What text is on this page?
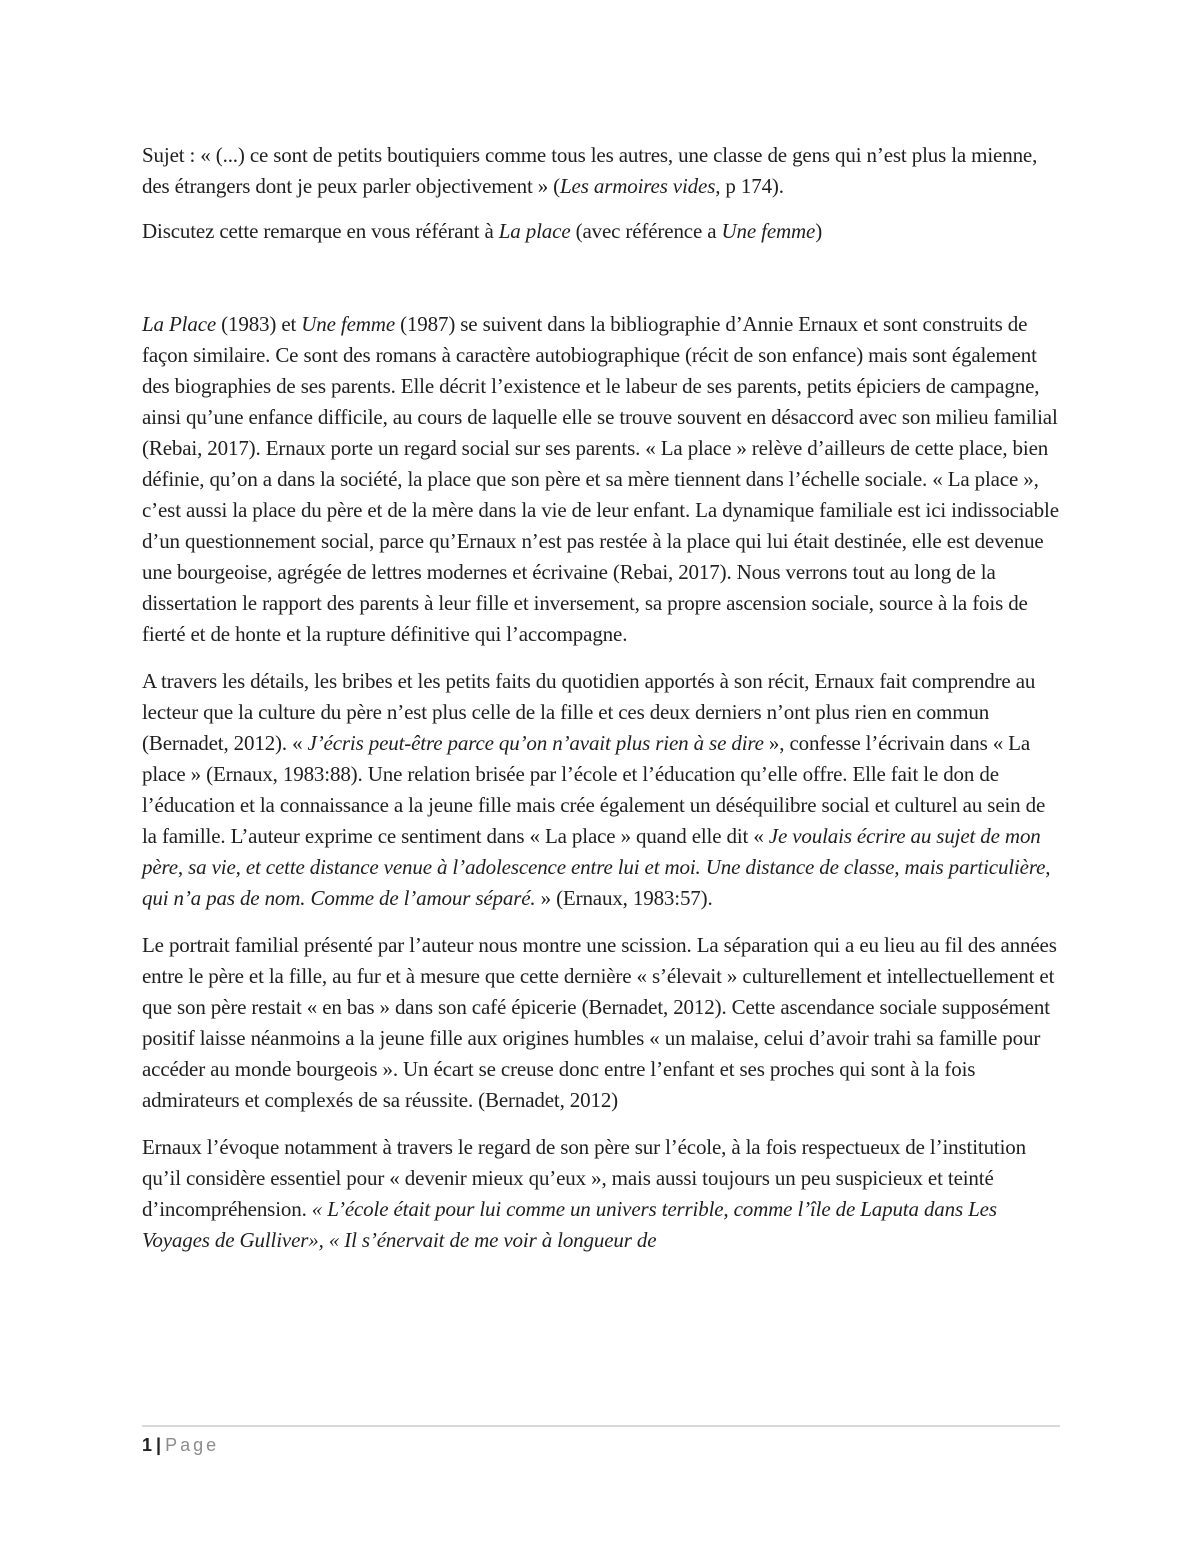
Sujet : « (...) ce sont de petits boutiquiers comme tous les autres, une classe de gens qui n’est plus la mienne, des étrangers dont je peux parler objectivement » (Les armoires vides, p 174).

Discutez cette remarque en vous référant à La place (avec référence a Une femme)

La Place (1983) et Une femme (1987) se suivent dans la bibliographie d’Annie Ernaux et sont construits de façon similaire. Ce sont des romans à caractère autobiographique (récit de son enfance) mais sont également des biographies de ses parents. Elle décrit l’existence et le labeur de ses parents, petits épiciers de campagne, ainsi qu’une enfance difficile, au cours de laquelle elle se trouve souvent en désaccord avec son milieu familial (Rebai, 2017). Ernaux porte un regard social sur ses parents. « La place » relève d’ailleurs de cette place, bien définie, qu’on a dans la société, la place que son père et sa mère tiennent dans l’échelle sociale. « La place », c’est aussi la place du père et de la mère dans la vie de leur enfant. La dynamique familiale est ici indissociable d’un questionnement social, parce qu’Ernaux n’est pas restée à la place qui lui était destinée, elle est devenue une bourgeoise, agrégée de lettres modernes et écrivaine (Rebai, 2017). Nous verrons tout au long de la dissertation le rapport des parents à leur fille et inversement, sa propre ascension sociale, source à la fois de fierté et de honte et la rupture définitive qui l’accompagne.

A travers les détails, les bribes et les petits faits du quotidien apportés à son récit, Ernaux fait comprendre au lecteur que la culture du père n’est plus celle de la fille et ces deux derniers n’ont plus rien en commun (Bernadet, 2012). « J’écris peut-être parce qu’on n’avait plus rien à se dire », confesse l’écrivain dans « La place » (Ernaux, 1983:88). Une relation brisée par l’école et l’éducation qu’elle offre. Elle fait le don de l’éducation et la connaissance a la jeune fille mais crée également un déséquilibre social et culturel au sein de la famille. L’auteur exprime ce sentiment dans « La place » quand elle dit « Je voulais écrire au sujet de mon père, sa vie, et cette distance venue à l’adolescence entre lui et moi. Une distance de classe, mais particulière, qui n’a pas de nom. Comme de l’amour séparé. » (Ernaux, 1983:57).

Le portrait familial présenté par l’auteur nous montre une scission. La séparation qui a eu lieu au fil des années entre le père et la fille, au fur et à mesure que cette dernière « s’élevait » culturellement et intellectuellement et que son père restait « en bas » dans son café épicerie (Bernadet, 2012). Cette ascendance sociale supposément positif laisse néanmoins a la jeune fille aux origines humbles « un malaise, celui d’avoir trahi sa famille pour accéder au monde bourgeois ». Un écart se creuse donc entre l’enfant et ses proches qui sont à la fois admirateurs et complexés de sa réussite. (Bernadet, 2012)

Ernaux l’évoque notamment à travers le regard de son père sur l’école, à la fois respectueux de l’institution qu’il considère essentiel pour « devenir mieux qu’eux », mais aussi toujours un peu suspicieux et teinté d’incompréhension. « L’école était pour lui comme un univers terrible, comme l’île de Laputa dans Les Voyages de Gulliver», « Il s’énervait de me voir à longueur de

1 | Page
